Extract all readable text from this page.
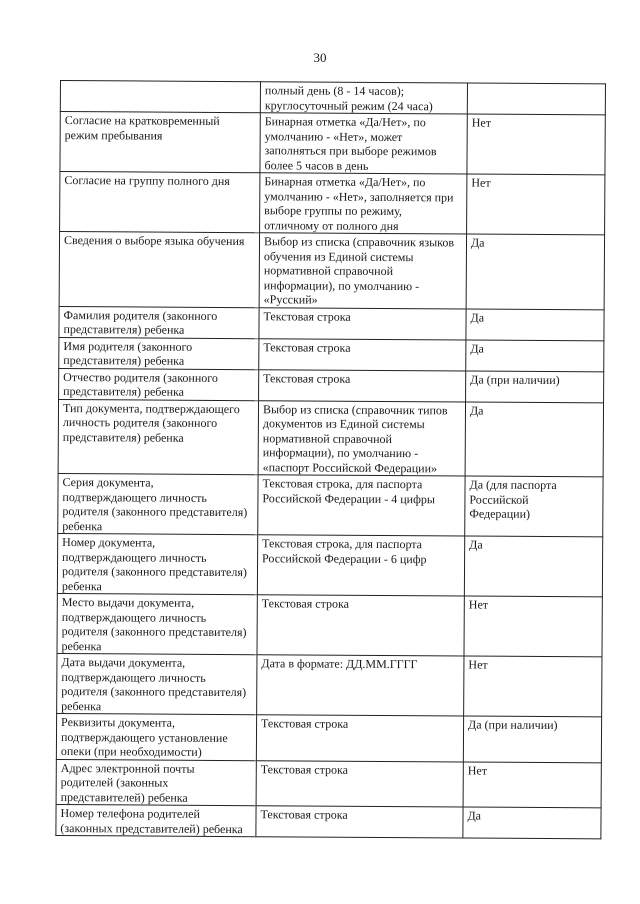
30

	полный день (8 - 14 часов);
круглосуточный режим (24 часа)	

Согласие на кратковременный
режим пребывания	Бинарная отметка «Да/Нет», по
умолчанию - «Нет», может
заполняться при выборе режимов
более 5 часов в день	Нет

Согласие на группу полного дня	Бинарная отметка «Да/Нет», по
умолчанию - «Нет», заполняется при
выборе группы по режиму,
отличному от полного дня	Нет

Сведения о выборе языка обучения	Выбор из списка (справочник языков
обучения из Единой системы
нормативной справочной
информации), по умолчанию -
«Русский»	Да

Фамилия родителя (законного
представителя) ребенка	Текстовая строка	Да

Имя родителя (законного
представителя) ребенка	Текстовая строка	Да

Отчество родителя (законного
представителя) ребенка	Текстовая строка	Да (при наличии)

Тип документа, подтверждающего
личность родителя (законного
представителя) ребенка	Выбор из списка (справочник типов
документов из Единой системы
нормативной справочной
информации), по умолчанию -
«паспорт Российской Федерации»	Да

Серия документа,
подтверждающего личность
родителя (законного представителя)
ребенка	Текстовая строка, для паспорта
Российской Федерации - 4 цифры	Да (для паспорта
Российской
Федерации)

Номер документа,
подтверждающего личность
родителя (законного представителя)
ребенка	Текстовая строка, для паспорта
Российской Федерации - 6 цифр	Да

Место выдачи документа,
подтверждающего личность
родителя (законного представителя)
ребенка	Текстовая строка	Нет

Дата выдачи документа,
подтверждающего личность
родителя (законного представителя)
ребенка	Дата в формате: ДД.ММ.ГГГГ	Нет

Реквизиты документа,
подтверждающего установление
опеки (при необходимости)	Текстовая строка	Да (при наличии)

Адрес электронной почты
родителей (законных
представителей) ребенка	Текстовая строка	Нет

Номер телефона родителей
(законных представителей) ребенка	Текстовая строка	Да
